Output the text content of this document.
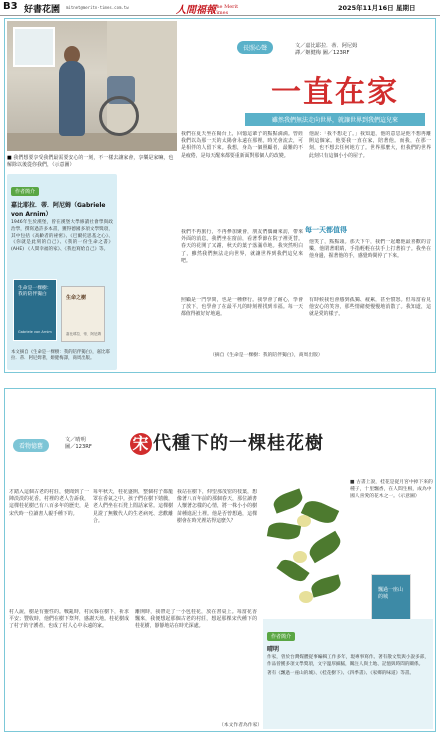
B3 好書花園 mitnet@meritn-times.com.tw	人間福報
The Merit Times
2025年11月16日 星期日
■ 我們想要享受我們最需要安心的一刻，不一樣去讓家會，享樂是家嘛，也解除以後從你我們，（示意圖）
作者簡介
嘉比耶拉．蒂．阿尼姆（Gabriele von Arnim）
1946年生於漢堡，曾在漢堡大學修讀社會學與政治學，撰寫過許多本書，獲得德國多項文學獎項，其中包括《高齡者的祕密》、《巴爾托思基之心》、《你就是此刻的自己》、《我的一份生命之書》(AHE) 《人間幸福的家》、《我也寫給自己》等。
生命是一棵樹：我的陪伴獨白
Gabriele von Arnim
生命之樹
嘉比耶拉．蒂．阿尼姆
本文摘自《生命是一棵樹：我的陪伴獨白》，嘉比耶拉．蒂．阿尼姆著，姬健梅譯，商周出版。
長照心聲	文／嘉比耶拉．蒂．阿尼姆
譯／姬健梅 圖／123RF
一直在家
雖然我們無法走向世界，就讓世界到我們這兒來
我們在夏天坐在陽台上，回憶這輩子的點點滴滴。曾經我們以為那一天的太陽會永遠在那裡。時光會流去，可是相伴的人留下來。我想，身為一個照顧者，最難的不是疲倦，是每天醒來都要重新面對那個人的改變。
他說：「我不想走了。」我知道，他的意思是他不想再離開這個家。他要我一直在家，陪著他。而我，在那一刻，也不想去任何地方了。世界那麼大，但我們的世界此刻只有這個小小的屋子。
我們不再旅行，不再參加聚會，朋友們偶爾來訪，帶來外面的消息。我們坐在窗前，看著季節在院子裡更替。春天的花開了又謝，秋天的葉子落滿草地。我突然明白了，雖然我們無法走向世界，就讓世界到我們這兒來吧。
他笑了，點點頭。那天下午，我們一起聽他最喜歡的音樂，他閉著眼睛，手指輕輕在扶手上打著拍子。我坐在他身邊，握著他的手，感覺時間停了下來。
照顧是一門學問，也是一種修行。我學會了耐心，學會了放下，也學會了在最平凡的時刻裡找到幸福。每一天都值得被好好地過。
有時候我也會感到孤獨、疲累，甚至憤怒。但每當看見他安心的笑容，那些情緒便慢慢地消散了。我知道，這就是愛的樣子。
每一天都值得
（摘自《生命是一棵樹：我的陪伴獨白》，商周出版）
看物憶舊
文／晴明
圖／123RF	宋 代種下的一棵桂花樹
■ 古書上說，桂花是從月宮中掉下來的種子，十里飄香，在人間生根，成為中國人喜愛的花木之一。（示意圖）
飄過一座山的城
作者簡介
晴明
作家，曾於台灣媒體從事編輯工作多年，現專事寫作。著有散文集與小說多部，作品曾獲多項文學獎項，文字溫厚細膩，關注人與土地、記憶與時間的關係。
著有《飄過一座山的城》、《桂花樹下》、《四季書》、《家鄉的味道》等書。
才踏入這個古老的村莊，便聞到了一陣淡淡的花香。村裡的老人告訴我，這棵桂花樹已有八百多年的歷史，是宋代時一位讀書人親手種下的。
每年秋天，桂花盛開，整個村子都籠罩在香氣之中。孩子們在樹下嬉戲，老人們坐在石凳上閒話家常。這棵樹見證了無數代人的生老病死、悲歡離合。
我站在樹下，仰望那茂密的枝葉，想像著八百年前的那個春天，那位讀書人懷著怎樣的心情，將一株小小的樹苗種進泥土裡。他是否曾想過，這棵樹會在時光裡站得這麼久？
村人說，樹是有靈性的。戰亂時，村民躲在樹下，祈求平安；豐收時，他們在樹下祭拜，感謝天地。桂花樹成了村子的守護者，也成了村人心中永遠的家。
離開時，我帶走了一小包桂花，放在書桌上。每當花香飄來，我便想起那個古老的村莊，想起那棵宋代種下的桂花樹，靜靜地站在時光深處。
（本文作者為作家）
